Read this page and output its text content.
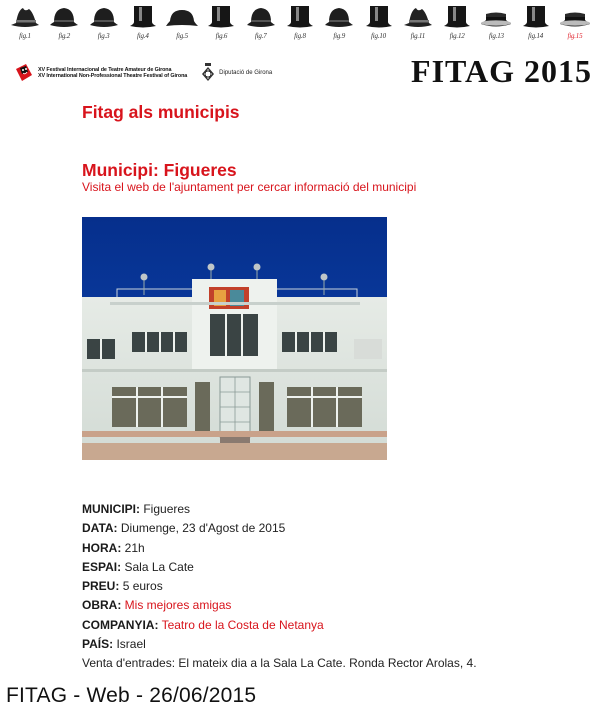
fig.1	fig.2	fig.3	fig.4	fig.5	fig.6	fig.7	fig.8	fig.9	fig.10	fig.11	fig.12	fig.13	fig.14	fig.15
XV Festival Internacional de Teatre Amateur de Girona
XV International Non-Professional Theatre Festival of Girona	Diputació de Girona	FITAG 2015
Fitag als municipis
Municipi: Figueres
Visita el web de l'ajuntament per cercar informació del municipi
MUNICIPI: Figueres
DATA: Diumenge, 23 d'Agost de 2015
HORA: 21h
ESPAI: Sala La Cate
PREU: 5 euros
OBRA: Mis mejores amigas
COMPANYIA: Teatro de la Costa de Netanya
PAÍS: Israel
Venta d'entrades: El mateix dia a la Sala La Cate. Ronda Rector Arolas, 4.
FITAG - Web - 26/06/2015
